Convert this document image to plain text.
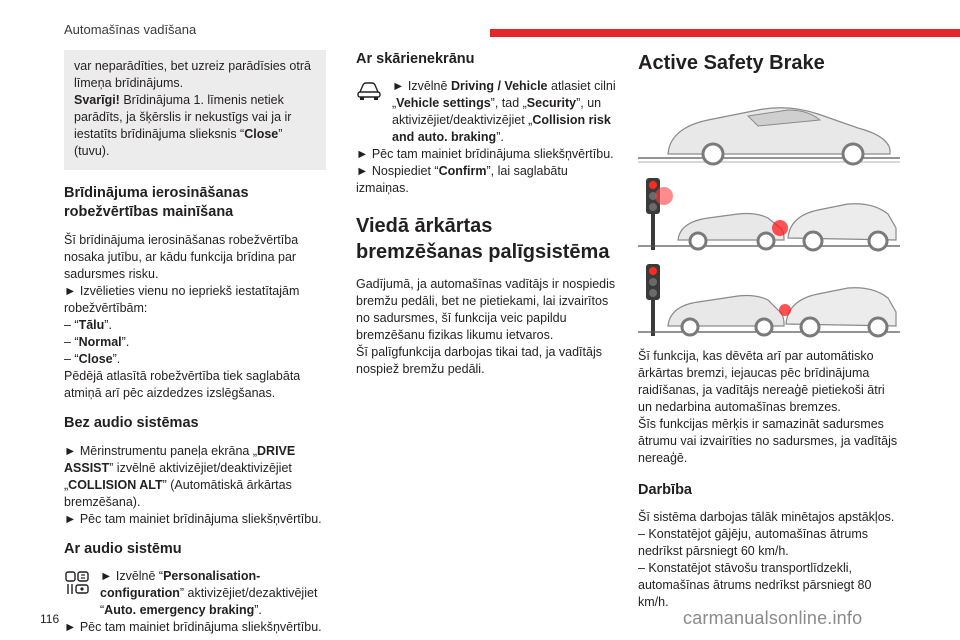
Automašīnas vadīšana

var neparādīties, bet uzreiz parādīsies otrā līmeņa brīdinājums.

Svarīgi! Brīdinājuma 1. līmenis netiek parādīts, ja šķērslis ir nekustīgs vai ja ir iestatīts brīdinājuma slieksnis “Close” (tuvu).

Brīdinājuma ierosināšanas robežvērtības mainīšana

Šī brīdinājuma ierosināšanas robežvērtība nosaka jutību, ar kādu funkcija brīdina par sadursmes risku.

► Izvēlieties vienu no iepriekš iestatītajām robežvērtībām:

– “Tālu”.

– “Normal”.

– “Close”.

Pēdējā atlasītā robežvērtība tiek saglabāta atmiņā arī pēc aizdedzes izslēgšanas.

Bez audio sistēmas

► Mērinstrumentu paneļa ekrāna „DRIVE ASSIST” izvēlnē aktivizējiet/deaktivizējiet „COLLISION ALT” (Automātiskā ārkārtas bremzēšana).

► Pēc tam mainiet brīdinājuma sliekšņvērtību.

Ar audio sistēmu

► Izvēlnē “Personalisation-configuration” aktivizējiet/dezaktivējiet “Auto. emergency braking”.

► Pēc tam mainiet brīdinājuma sliekšņvērtību.

Ar skārienekrānu

► Izvēlnē Driving / Vehicle atlasiet cilni „Vehicle settings”, tad „Security”, un aktivizējiet/deaktivizējiet „Collision risk and auto. braking”.

► Pēc tam mainiet brīdinājuma sliekšņvērtību.

► Nospiediet “Confirm”, lai saglabātu izmaiņas.

Viedā ārkārtas bremzēšanas palīgsistēma

Gadījumā, ja automašīnas vadītājs ir nospiedis bremžu pedāli, bet ne pietiekami, lai izvairītos no sadursmes, šī funkcija veic papildu bremzēšanu fizikas likumu ietvaros.

Šī palīgfunkcija darbojas tikai tad, ja vadītājs nospiež bremžu pedāli.

Active Safety Brake

Šī funkcija, kas dēvēta arī par automātisko ārkārtas bremzi, iejaucas pēc brīdinājuma raidīšanas, ja vadītājs nereaģē pietiekoši ātri un nedarbina automašīnas bremzes.

Šīs funkcijas mērķis ir samazināt sadursmes ātrumu vai izvairīties no sadursmes, ja vadītājs nereaģē.

Darbība

Šī sistēma darbojas tālāk minētajos apstākļos.

– Konstatējot gājēju, automašīnas ātrums nedrīkst pārsniegt 60 km/h.

– Konstatējot stāvošu transportlīdzekli, automašīnas ātrums nedrīkst pārsniegt 80 km/h.

116	carmanualsonline.info
